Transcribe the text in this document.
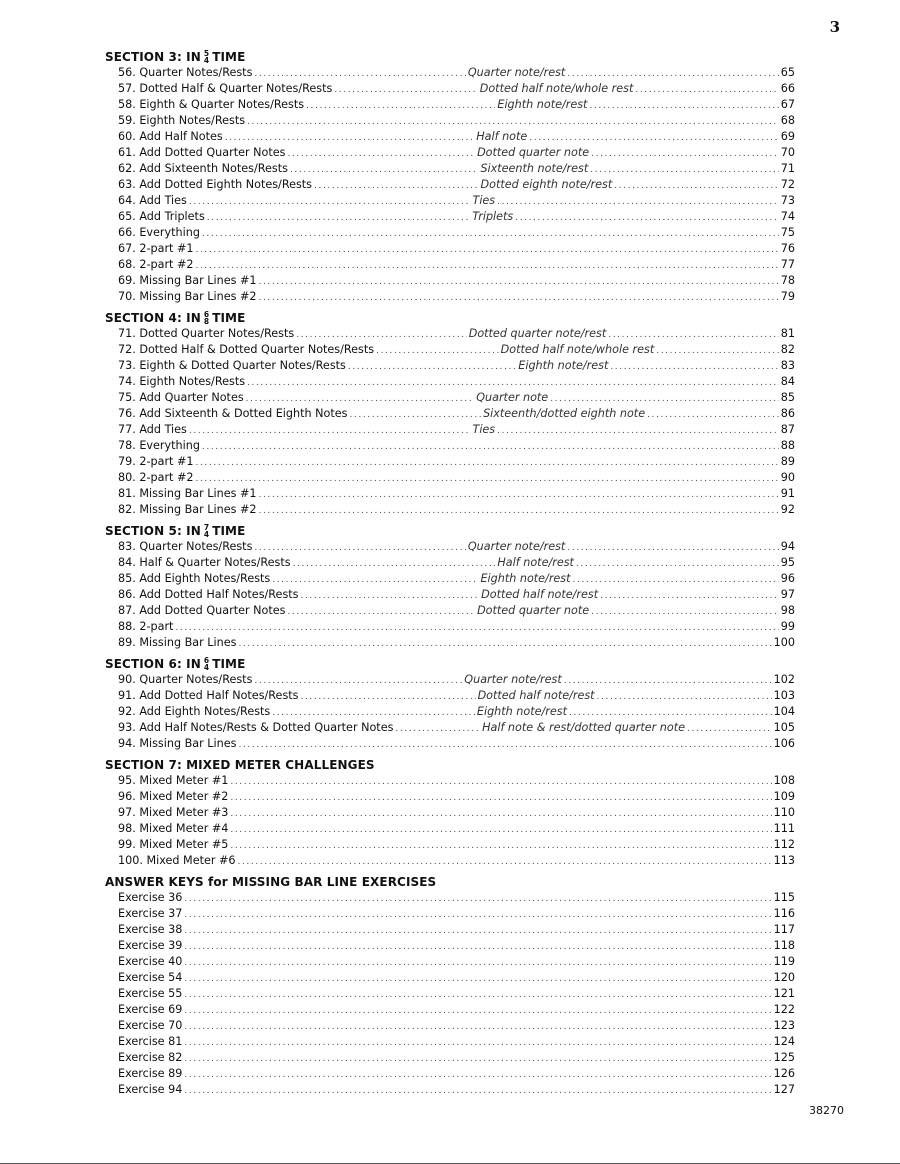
3
SECTION 3: IN 5
4 TIME
56. Quarter Notes/Rests .....	Quarter note/rest .....	65
57. Dotted Half & Quarter Notes/Rests .....	Dotted half note/whole rest .....	66
58. Eighth & Quarter Notes/Rests .....	Eighth note/rest .....	67
59. Eighth Notes/Rests .....	68
60. Add Half Notes .....	Half note .....	69
61. Add Dotted Quarter Notes .....	Dotted quarter note .....	70
62. Add Sixteenth Notes/Rests .....	Sixteenth note/rest .....	71
63. Add Dotted Eighth Notes/Rests .....	Dotted eighth note/rest .....	72
64. Add Ties .....	Ties .....	73
65. Add Triplets .....	Triplets .....	74
66. Everything .....	75
67. 2-part #1 .....	76
68. 2-part #2 .....	77
69. Missing Bar Lines #1 .....	78
70. Missing Bar Lines #2 .....	79
SECTION 4: IN 6
8 TIME
71. Dotted Quarter Notes/Rests .....	Dotted quarter note/rest .....	81
72. Dotted Half & Dotted Quarter Notes/Rests .....	Dotted half note/whole rest .....	82
73. Eighth & Dotted Quarter Notes/Rests .....	Eighth note/rest .....	83
74. Eighth Notes/Rests .....	84
75. Add Quarter Notes .....	Quarter note .....	85
76. Add Sixteenth & Dotted Eighth Notes .....	Sixteenth/dotted eighth note .....	86
77. Add Ties .....	Ties .....	87
78. Everything .....	88
79. 2-part #1 .....	89
80. 2-part #2 .....	90
81. Missing Bar Lines #1 .....	91
82. Missing Bar Lines #2 .....	92
SECTION 5: IN 7
4 TIME
83. Quarter Notes/Rests .....	Quarter note/rest .....	94
84. Half & Quarter Notes/Rests .....	Half note/rest .....	95
85. Add Eighth Notes/Rests .....	Eighth note/rest .....	96
86. Add Dotted Half Notes/Rests .....	Dotted half note/rest .....	97
87. Add Dotted Quarter Notes .....	Dotted quarter note .....	98
88. 2-part .....	99
89. Missing Bar Lines .....	100
SECTION 6: IN 6
4 TIME
90. Quarter Notes/Rests .....	Quarter note/rest .....	102
91. Add Dotted Half Notes/Rests .....	Dotted half note/rest .....	103
92. Add Eighth Notes/Rests .....	Eighth note/rest .....	104
93. Add Half Notes/Rests & Dotted Quarter Notes .....	Half note & rest/dotted quarter note .....	105
94. Missing Bar Lines .....	106
SECTION 7: MIXED METER CHALLENGES
95. Mixed Meter #1 .....	108
96. Mixed Meter #2 .....	109
97. Mixed Meter #3 .....	110
98. Mixed Meter #4 .....	111
99. Mixed Meter #5 .....	112
100. Mixed Meter #6 .....	113
ANSWER KEYS for MISSING BAR LINE EXERCISES
Exercise 36 .....	115
Exercise 37 .....	116
Exercise 38 .....	117
Exercise 39 .....	118
Exercise 40 .....	119
Exercise 54 .....	120
Exercise 55 .....	121
Exercise 69 .....	122
Exercise 70 .....	123
Exercise 81 .....	124
Exercise 82 .....	125
Exercise 89 .....	126
Exercise 94 .....	127
38270
